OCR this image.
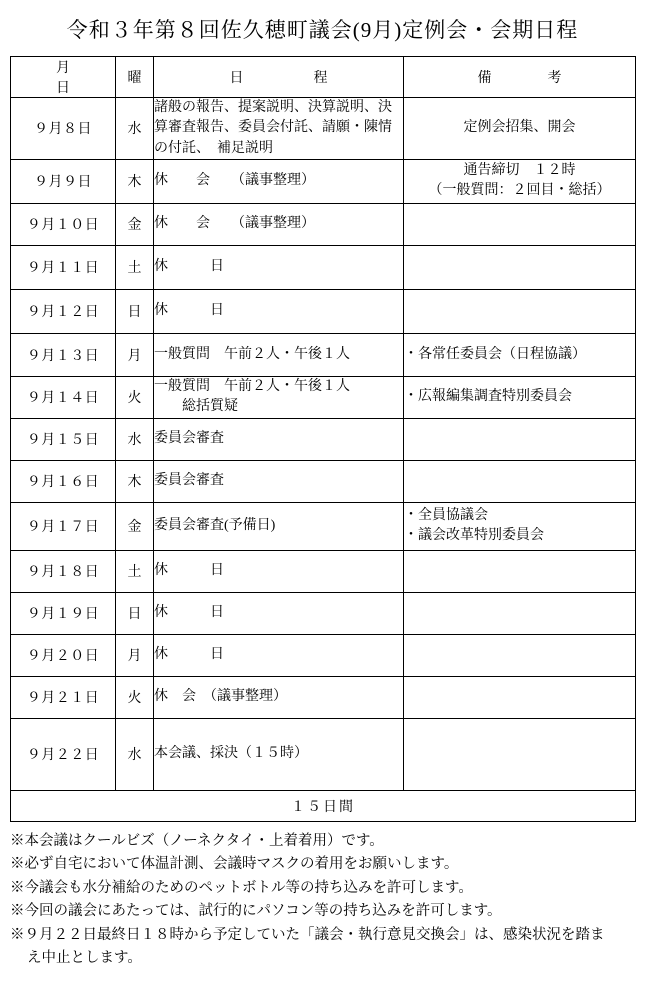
令和３年第８回佐久穂町議会(9月)定例会・会期日程
月　　　日	曜	日　　　　　程	備　　　　考
９月８日	水	諸般の報告、提案説明、決算説明、決算審査報告、委員会付託、請願・陳情の付託、　補足説明	定例会招集、開会
９月９日	木	休　　会　　（議事整理）	通告締切　１２時
（一般質問：２回目・総括）

９月１０日	金	休　　会　　（議事整理）	
９月１１日	土	休　　　日	
９月１２日	日	休　　　日	
９月１３日	月	一般質問　午前２人・午後１人	・各常任委員会（日程協議）
９月１４日	火	一般質問　午前２人・午後１人
　　総括質疑	・広報編集調査特別委員会
９月１５日	水	委員会審査	
９月１６日	木	委員会審査	
９月１７日	金	委員会審査(予備日)	・全員協議会
・議会改革特別委員会

９月１８日	土	休　　　日	
９月１９日	日	休　　　日	
９月２０日	月	休　　　日	
９月２１日	火	休　会　（議事整理）	
９月２２日	水	本会議、採決（１５時）	
１５日間			
※本会議はクールビズ（ノーネクタイ・上着着用）です。
※必ず自宅において体温計測、会議時マスクの着用をお願いします。
※今議会も水分補給のためのペットボトル等の持ち込みを許可します。
※今回の議会にあたっては、試行的にパソコン等の持ち込みを許可します。
※９月２２日最終日１８時から予定していた「議会・執行意見交換会」は、感染状況を踏ま
え中止とします。
